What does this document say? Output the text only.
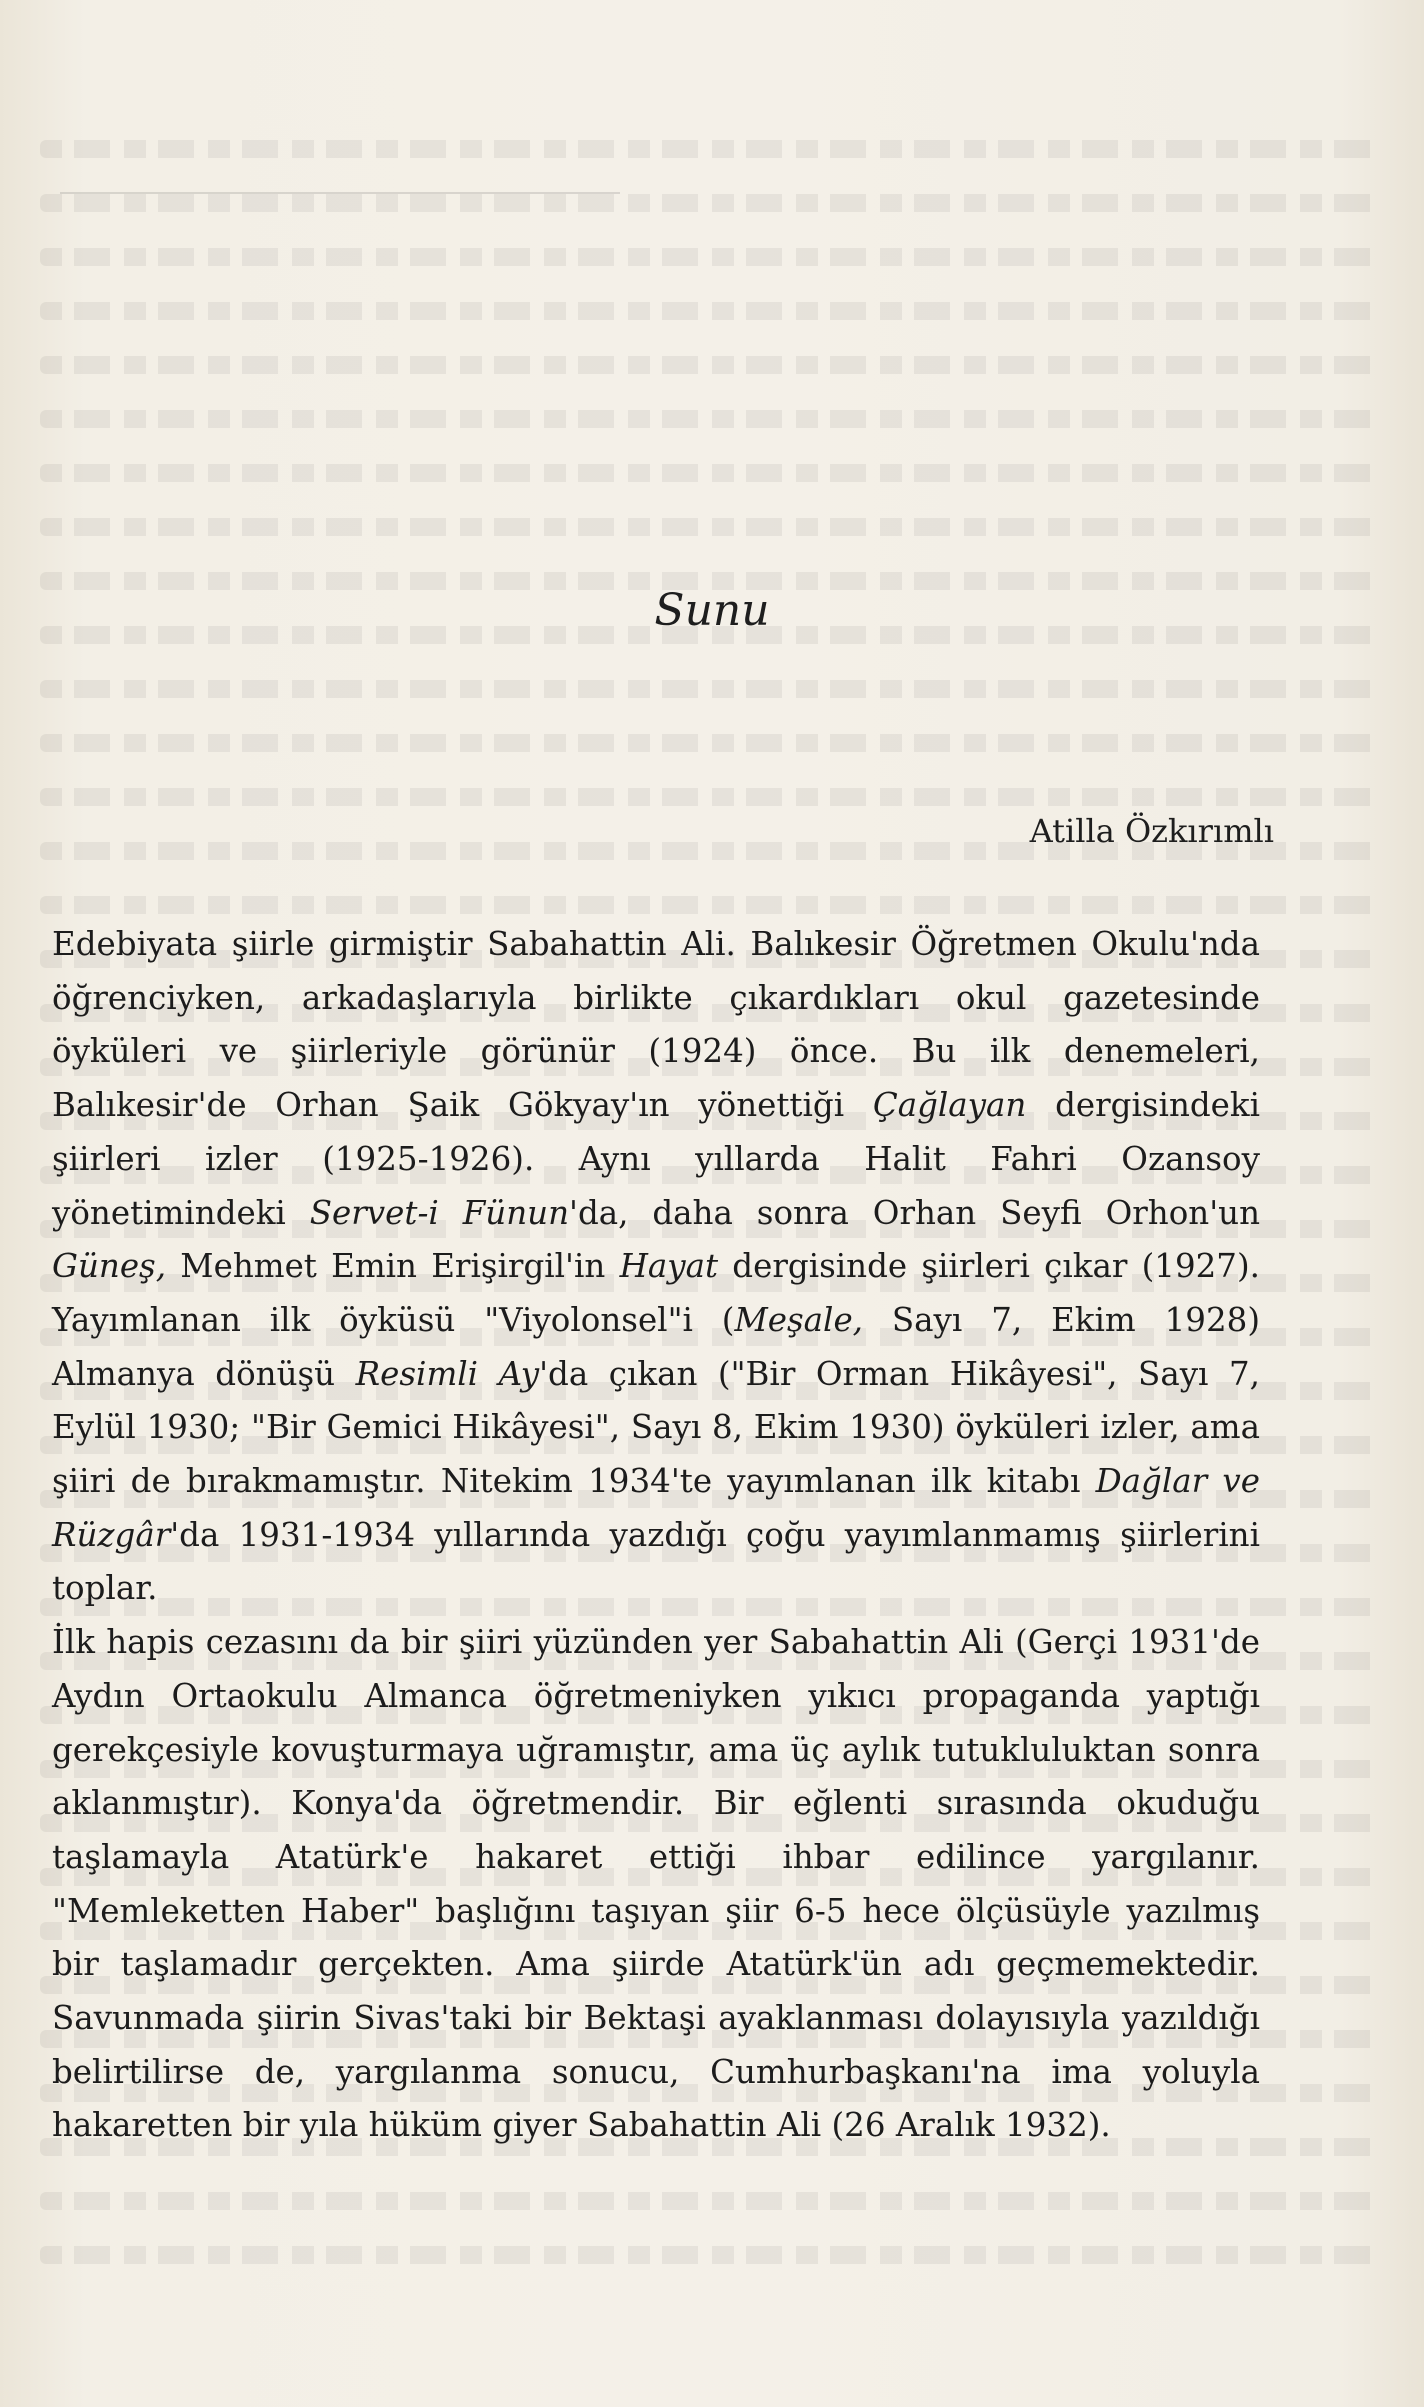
Sunu

Atilla Özkırımlı

Edebiyata şiirle girmiştir Sabahattin Ali. Balıkesir Öğretmen Okulu'nda öğrenciyken, arkadaşlarıyla birlikte çıkardıkları okul gazetesinde öyküleri ve şiirleriyle görünür (1924) önce. Bu ilk denemeleri, Balıkesir'de Orhan Şaik Gökyay'ın yönettiği Çağlayan dergisindeki şiirleri izler (1925-1926). Aynı yıllarda Halit Fahri Ozansoy yönetimindeki Servet-i Fünun'da, daha sonra Orhan Seyfi Orhon'un Güneş, Mehmet Emin Erişirgil'in Hayat dergisinde şiirleri çıkar (1927). Yayımlanan ilk öyküsü "Viyolonsel"i (Meşale, Sayı 7, Ekim 1928) Almanya dönüşü Resimli Ay'da çıkan ("Bir Orman Hikâyesi", Sayı 7, Eylül 1930; "Bir Gemici Hikâyesi", Sayı 8, Ekim 1930) öyküleri izler, ama şiiri de bırakmamıştır. Nitekim 1934'te yayımlanan ilk kitabı Dağlar ve Rüzgâr'da 1931-1934 yıllarında yazdığı çoğu yayımlanmamış şiirlerini toplar.

İlk hapis cezasını da bir şiiri yüzünden yer Sabahattin Ali (Gerçi 1931'de Aydın Ortaokulu Almanca öğretmeniyken yıkıcı propaganda yaptığı gerekçesiyle kovuşturmaya uğramıştır, ama üç aylık tutukluluktan sonra aklanmıştır). Konya'da öğretmendir. Bir eğlenti sırasında okuduğu taşlamayla Atatürk'e hakaret ettiği ihbar edilince yargılanır. "Memleketten Haber" başlığını taşıyan şiir 6-5 hece ölçüsüyle yazılmış bir taşlamadır gerçekten. Ama şiirde Atatürk'ün adı geçmemektedir. Savunmada şiirin Sivas'taki bir Bektaşi ayaklanması dolayısıyla yazıldığı belirtilirse de, yargılanma sonucu, Cumhurbaşkanı'na ima yoluyla hakaretten bir yıla hüküm giyer Sabahattin Ali (26 Aralık 1932).
